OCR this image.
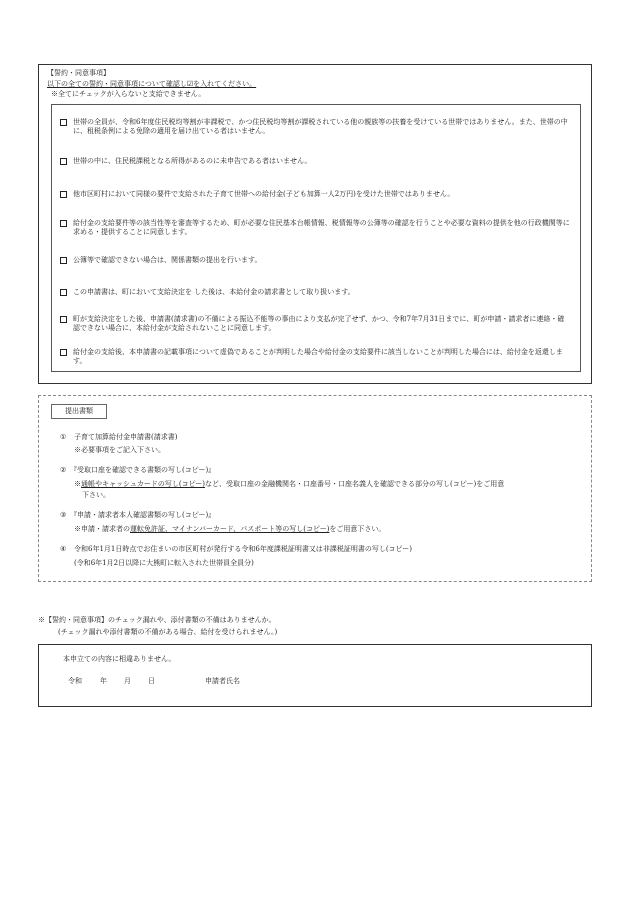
【誓約・同意事項】
以下の全ての誓約・同意事項について確認し☑を入れてください。
※全てにチェックが入らないと支給できません。
世帯の全員が、令和6年度住民税均等割が非課税で、かつ住民税均等割が課税されている他の親族等の扶養を受けている世帯ではありません。また、世帯の中に、租税条例による免除の適用を届け出ている者はいません。
世帯の中に、住民税課税となる所得があるのに未申告である者はいません。
他市区町村において同様の要件で支給された子育て世帯への給付金(子ども加算一人2万円)を受けた世帯ではありません。
給付金の支給要件等の該当性等を審査等するため、町が必要な住民基本台帳情報、税情報等の公簿等の確認を行うことや必要な資料の提供を他の行政機関等に求める・提供することに同意します。
公簿等で確認できない場合は、関係書類の提出を行います。
この申請書は、町において支給決定を した後は、本給付金の請求書として取り扱います。
町が支給決定をした後、申請書(請求書)の不備による振込不能等の事由により支払が完了せず、かつ、令和7年7月31日までに、町が申請・請求者に連絡・確認できない場合に、本給付金が支給されないことに同意します。
給付金の支給後、本申請書の記載事項について虚偽であることが判明した場合や給付金の支給要件に該当しないことが判明した場合には、給付金を返還します。
提出書類
① 子育て加算給付金申請書(請求書)
※必要事項をご記入下さい。
② 『受取口座を確認できる書類の写し(コピー)』
※通帳やキャッシュカードの写し(コピー)など、受取口座の金融機関名・口座番号・口座名義人を確認できる部分の写し(コピー)をご用意
下さい。
③ 『申請・請求者本人確認書類の写し(コピー)』
※申請・請求者の運転免許証、マイナンバーカード、パスポート等の写し(コピー)をご用意下さい。
④ 令和6年1月1日時点でお住まいの市区町村が発行する令和6年度課税証明書又は非課税証明書の写し(コピー)
(令和6年1月2日以降に大熊町に転入された世帯員全員分)
※【誓約・同意事項】のチェック漏れや、添付書類の不備はありませんか。
(チェック漏れや添付書類の不備がある場合、給付を受けられません。)
本申立ての内容に相違ありません。
令和	年 月 日	申請者氏名
